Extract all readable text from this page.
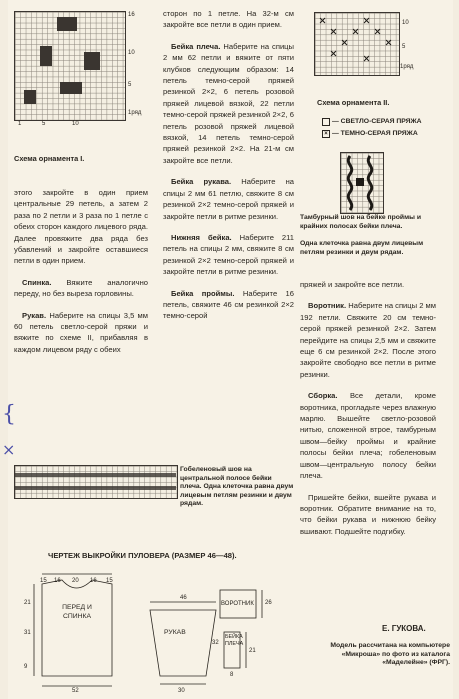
16
10
5
1ряд
1	5	10
Схема орнамента I.

этого закройте в один прием центральные 29 петель, а затем 2 раза по 2 петли и 3 раза по 1 петле с обеих сторон каждого лицевого ряда. Далее провяжите два ряда без убавлений и закройте оставшиеся петли в один прием.

Спинка. Вяжите аналогично переду, но без выреза горловины.

Рукав. Наберите на спицы 3,5 мм 60 петель светло-серой пряжи и вяжите по схеме II, прибавляя в каждом лицевом ряду с обеих

сторон по 1 петле. На 32-м см закройте все петли в один прием.

Бейка плеча. Наберите на спицы 2 мм 62 петли и вяжите от пяти клубков следующим образом: 14 петель темно-серой пряжей резинкой 2×2, 6 петель розовой пряжей лицевой вязкой, 22 петли темно-серой пряжей резинкой 2×2, 6 петель розовой пряжей лицевой вязкой, 14 петель темно-серой пряжей резинкой 2×2. На 21-м см закройте все петли.

Бейка рукава. Наберите на спицы 2 мм 61 петлю, свяжите 8 см резинкой 2×2 темно-серой пряжей и закройте петли в ритме резинки.

Нижняя бейка. Наберите 211 петель на спицы 2 мм, свяжите 8 см резинкой 2×2 темно-серой пряжей и закройте петли в ритме резинки.

Бейка проймы. Наберите 16 петель, свяжите 46 см резинкой 2×2 темно-серой

10
5
1ряд
Схема орнамента II.
— СВЕТЛО-СЕРАЯ ПРЯЖА
× — ТЕМНО-СЕРАЯ ПРЯЖА
Тамбурный шов на бейке проймы и крайних полосах бейки плеча.
Одна клеточка равна двум лицевым петлям резинки и двум рядам.

пряжей и закройте все петли.

Воротник. Наберите на спицы 2 мм 192 петли. Свяжите 20 см темно-серой пряжей резинкой 2×2. Затем перейдите на спицы 2,5 мм и свяжите еще 6 см резинкой 2×2. После этого закройте свободно все петли в ритме резинки.

Сборка. Все детали, кроме воротника, прогладьте через влажную марлю. Вышейте светло-розовой нитью, сложенной втрое, тамбурным швом—бейку проймы и крайние полосы бейки плеча; гобеленовым швом—центральную полосу бейки плеча.

Пришейте бейки, вшейте рукава и воротник. Обратите внимание на то, что бейки рукава и нижнюю бейку вшивают. Подшейте подгибку.

Е. ГУКОВА.
Модель рассчитана на компьютере «Микроша» по фото из каталога «Маделейне» (ФРГ).
Гобеленовый шов на центральной полосе бейки плеча. Одна клеточка равна двум лицевым петлям резинки и двум рядам.
ЧЕРТЕЖ ВЫКРОЙКИ ПУЛОВЕРА (РАЗМЕР 46—48).
15 16 20 16 15
ПЕРЕД И СПИНКА
21
31
9
52
46
РУКАВ
32
30
ВОРОТНИК 26
БЕЙКА ПЛЕЧА
21
8
{
×
